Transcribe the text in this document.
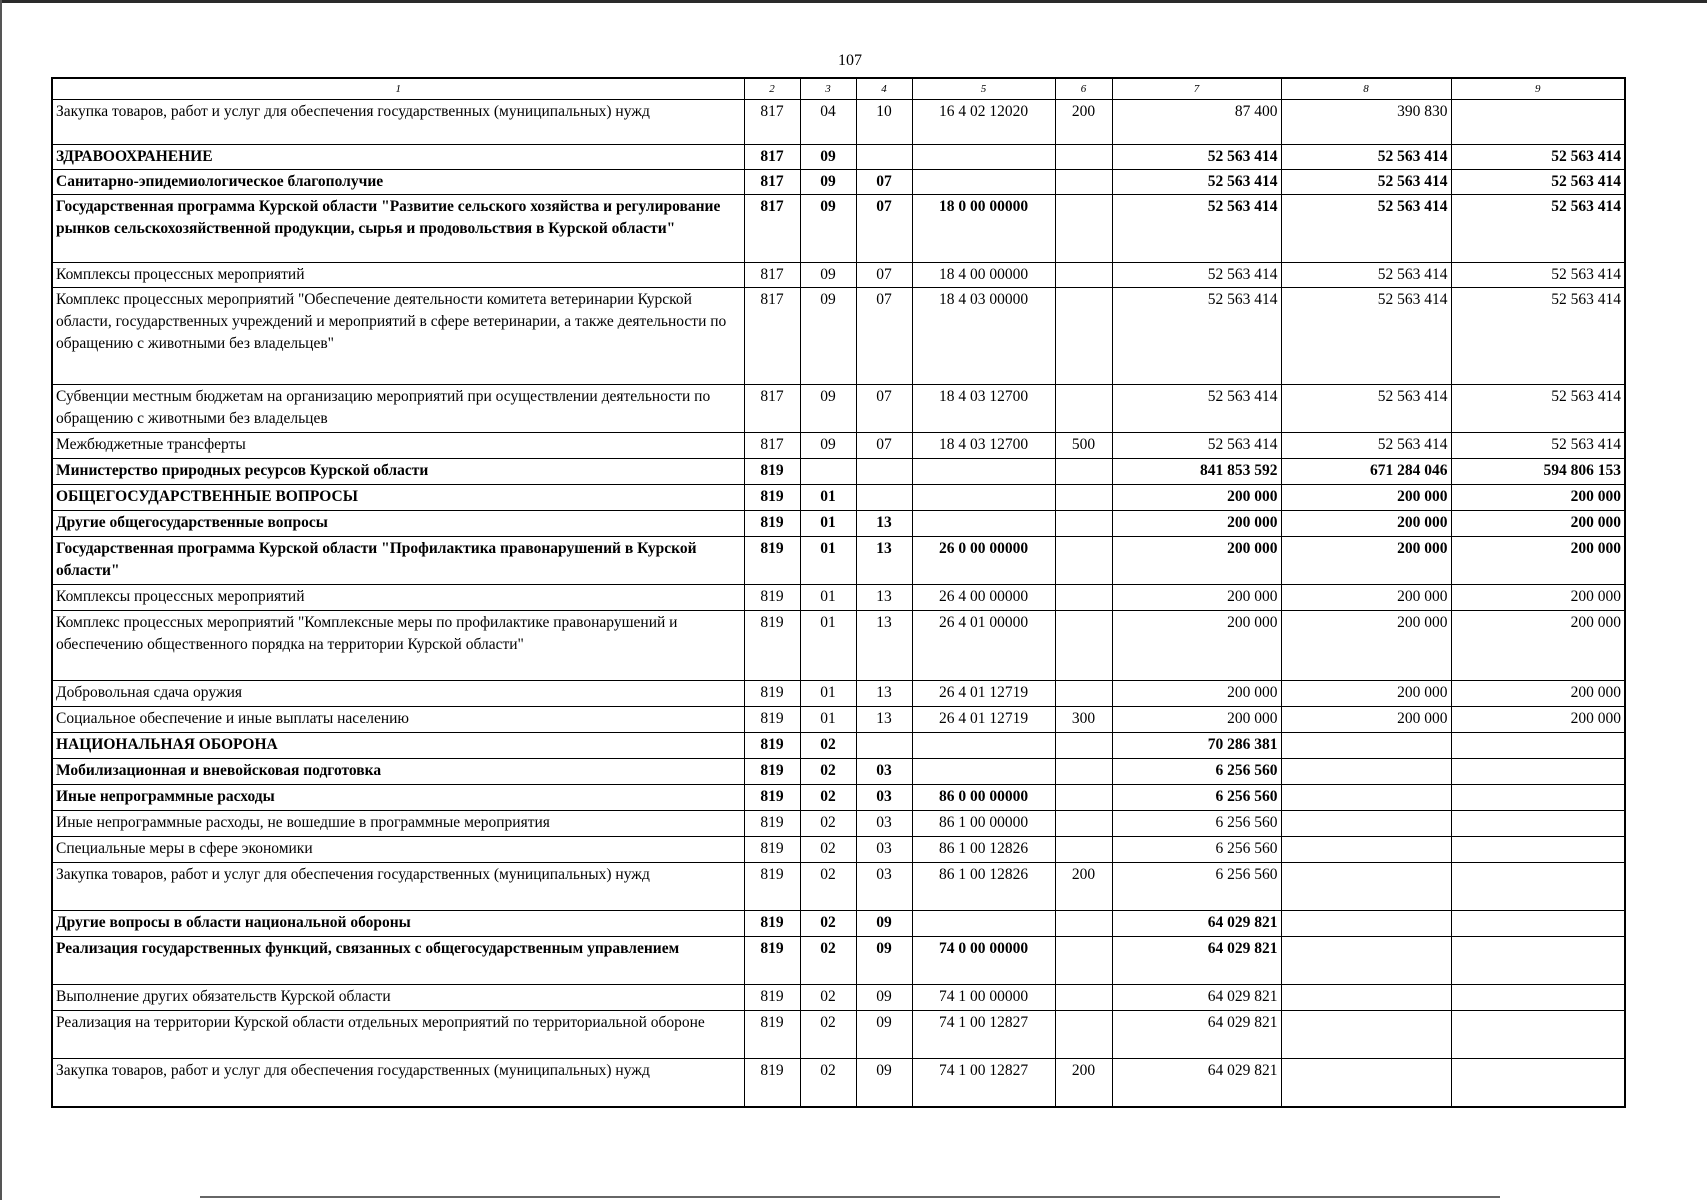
107
1	2	3	4	5	6	7	8	9
Закупка товаров, работ и услуг для обеспечения государственных (муниципальных) нужд	817	04	10	16 4 02 12020	200	87 400	390 830	
ЗДРАВООХРАНЕНИЕ	817	09				52 563 414	52 563 414	52 563 414
Санитарно-эпидемиологическое благополучие	817	09	07			52 563 414	52 563 414	52 563 414
Государственная программа Курской области "Развитие сельского хозяйства и регулирование рынков сельскохозяйственной продукции, сырья и продовольствия в Курской области"	817	09	07	18 0 00 00000		52 563 414	52 563 414	52 563 414
Комплексы процессных мероприятий	817	09	07	18 4 00 00000		52 563 414	52 563 414	52 563 414
Комплекс процессных мероприятий "Обеспечение деятельности комитета ветеринарии Курской области, государственных учреждений и мероприятий в сфере ветеринарии, а также деятельности по обращению с животными без владельцев"	817	09	07	18 4 03 00000		52 563 414	52 563 414	52 563 414
Субвенции местным бюджетам на организацию мероприятий при осуществлении деятельности по обращению с животными без владельцев	817	09	07	18 4 03 12700		52 563 414	52 563 414	52 563 414
Межбюджетные трансферты	817	09	07	18 4 03 12700	500	52 563 414	52 563 414	52 563 414
Министерство природных ресурсов Курской области	819					841 853 592	671 284 046	594 806 153
ОБЩЕГОСУДАРСТВЕННЫЕ ВОПРОСЫ	819	01				200 000	200 000	200 000
Другие общегосударственные вопросы	819	01	13			200 000	200 000	200 000
Государственная программа Курской области "Профилактика правонарушений в Курской области"	819	01	13	26 0 00 00000		200 000	200 000	200 000
Комплексы процессных мероприятий	819	01	13	26 4 00 00000		200 000	200 000	200 000
Комплекс процессных мероприятий "Комплексные меры по профилактике правонарушений и обеспечению общественного порядка на территории Курской области"	819	01	13	26 4 01 00000		200 000	200 000	200 000
Добровольная сдача оружия	819	01	13	26 4 01 12719		200 000	200 000	200 000
Социальное обеспечение и иные выплаты населению	819	01	13	26 4 01 12719	300	200 000	200 000	200 000
НАЦИОНАЛЬНАЯ ОБОРОНА	819	02				70 286 381		
Мобилизационная и вневойсковая подготовка	819	02	03			6 256 560		
Иные непрограммные расходы	819	02	03	86 0 00 00000		6 256 560		
Иные непрограммные расходы, не вошедшие в программные мероприятия	819	02	03	86 1 00 00000		6 256 560		
Специальные меры в сфере экономики	819	02	03	86 1 00 12826		6 256 560		
Закупка товаров, работ и услуг для обеспечения государственных (муниципальных) нужд	819	02	03	86 1 00 12826	200	6 256 560		
Другие вопросы в области национальной обороны	819	02	09			64 029 821		
Реализация государственных функций, связанных с общегосударственным управлением	819	02	09	74 0 00 00000		64 029 821		
Выполнение других обязательств Курской области	819	02	09	74 1 00 00000		64 029 821		
Реализация на территории Курской области отдельных мероприятий по территориальной обороне	819	02	09	74 1 00 12827		64 029 821		
Закупка товаров, работ и услуг для обеспечения государственных (муниципальных) нужд	819	02	09	74 1 00 12827	200	64 029 821		
